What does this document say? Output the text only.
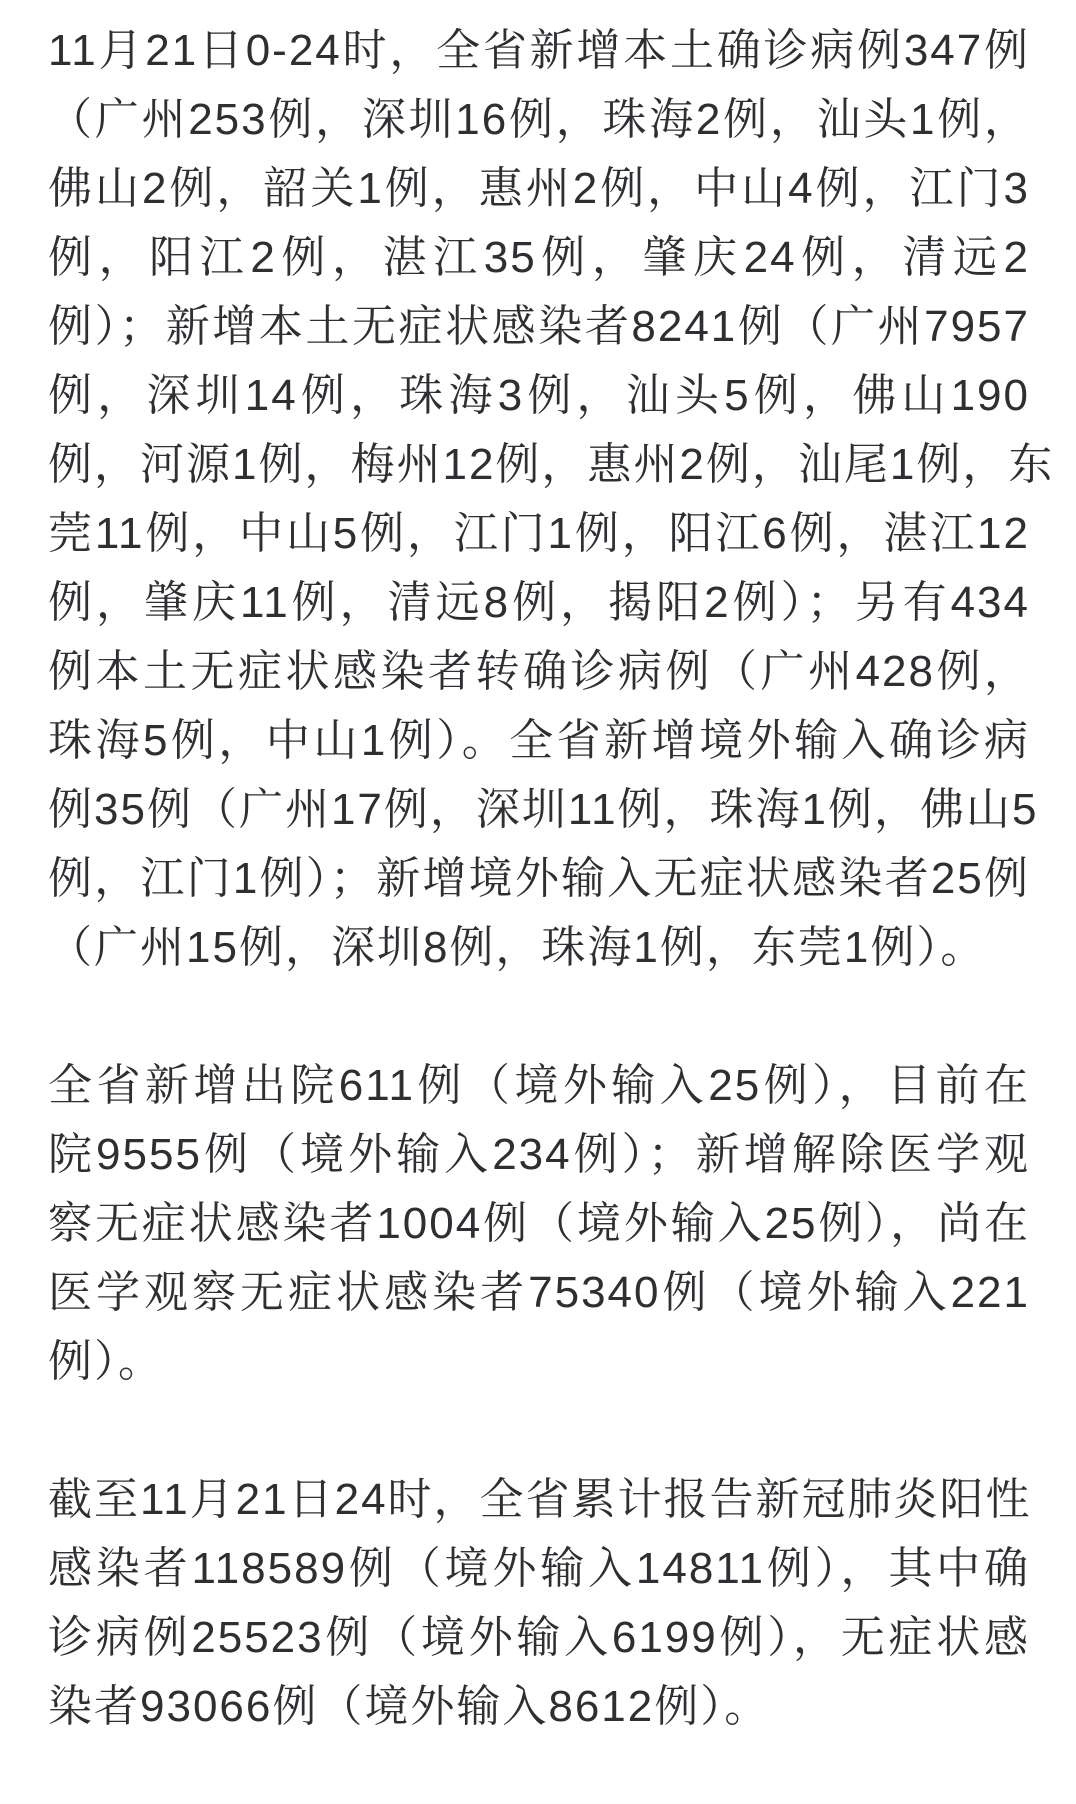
11月21日0-24时，全省新增本土确诊病例347例
（广州253例，深圳16例，珠海2例，汕头1例，
佛山2例，韶关1例，惠州2例，中山4例，江门3
例，阳江2例，湛江35例，肇庆24例，清远2
例）；新增本土无症状感染者8241例（广州7957
例，深圳14例，珠海3例，汕头5例，佛山190
例，河源1例，梅州12例，惠州2例，汕尾1例，东
莞11例，中山5例，江门1例，阳江6例，湛江12
例，肇庆11例，清远8例，揭阳2例）；另有434
例本土无症状感染者转确诊病例（广州428例，
珠海5例，中山1例）。全省新增境外输入确诊病
例35例（广州17例，深圳11例，珠海1例，佛山5
例，江门1例）；新增境外输入无症状感染者25例
（广州15例，深圳8例，珠海1例，东莞1例）。
全省新增出院611例（境外输入25例），目前在
院9555例（境外输入234例）；新增解除医学观
察无症状感染者1004例（境外输入25例），尚在
医学观察无症状感染者75340例（境外输入221
例）。
截至11月21日24时，全省累计报告新冠肺炎阳性
感染者118589例（境外输入14811例），其中确
诊病例25523例（境外输入6199例），无症状感
染者93066例（境外输入8612例）。
